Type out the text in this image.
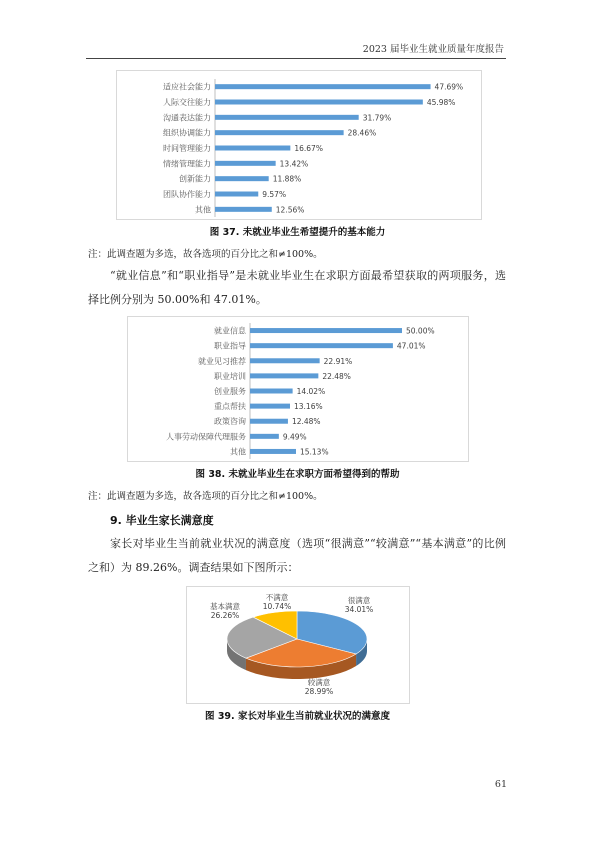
2023 届毕业生就业质量年度报告
适应社会能力	47.69%
人际交往能力	45.98%
沟通表达能力	31.79%
组织协调能力	28.46%
时间管理能力	16.67%
情绪管理能力	13.42%
创新能力	11.88%
团队协作能力	9.57%
其他	12.56%
图 37. 未就业毕业生希望提升的基本能力
注：此调查题为多选，故各选项的百分比之和≠100%。
“就业信息”和“职业指导”是未就业毕业生在求职方面最希望获取的两项服务，选择比例分别为 50.00%和 47.01%。
就业信息	50.00%
职业指导	47.01%
就业见习推荐	22.91%
职业培训	22.48%
创业服务	14.02%
重点帮扶	13.16%
政策咨询	12.48%
人事劳动保障代理服务	9.49%
其他	15.13%
图 38. 未就业毕业生在求职方面希望得到的帮助
注：此调查题为多选，故各选项的百分比之和≠100%。
9. 毕业生家长满意度
家长对毕业生当前就业状况的满意度（选项“很满意”“较满意”“基本满意”的比例之和）为 89.26%。调查结果如下图所示：
很满意
34.01%
较满意
28.99%
基本满意
26.26%
不满意
10.74%
图 39. 家长对毕业生当前就业状况的满意度
61
